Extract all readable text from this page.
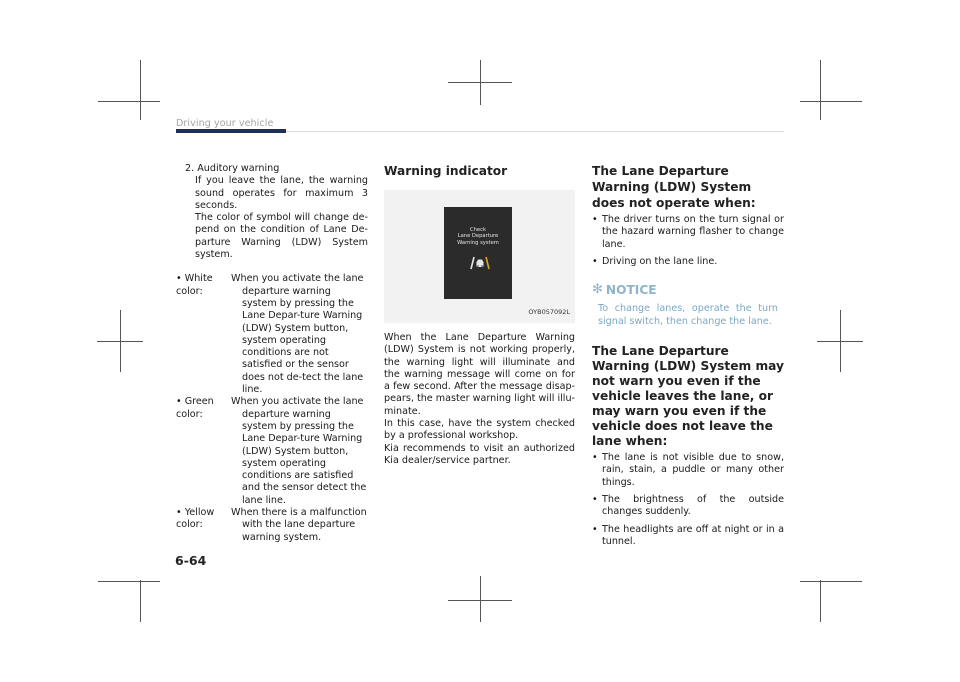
Driving your vehicle
2. Auditory warning
If you leave the lane, the warning sound operates for maximum 3 seconds.
The color of symbol will change de-pend on the condition of Lane De-parture Warning (LDW) System system.
• White
color:
When you activate the lane
departure warning system by pressing the Lane Depar-ture Warning (LDW) System button, system operating conditions are not satisfied or the sensor does not de-tect the lane line.
• Green
color:
When you activate the lane
departure warning system by pressing the Lane Depar-ture Warning (LDW) System button, system operating conditions are satisfied and the sensor detect the lane line.
• Yellow
color:
When there is a malfunction
with the lane departure warning system.
Warning indicator
Check
Lane Departure
Warning system
OYB057092L
When the Lane Departure Warning (LDW) System is not working properly, the warning light will illuminate and the warning message will come on for a few second. After the message disap-pears, the master warning light will illu-minate.
In this case, have the system checked by a professional workshop.
Kia recommends to visit an authorized Kia dealer/service partner.
The Lane Departure Warning (LDW) System does not operate when:
• The driver turns on the turn signal or the hazard warning flasher to change lane.
• Driving on the lane line.
✻ NOTICE
To change lanes, operate the turn signal switch, then change the lane.
The Lane Departure Warning (LDW) System may not warn you even if the vehicle leaves the lane, or may warn you even if the vehicle does not leave the lane when:
• The lane is not visible due to snow, rain, stain, a puddle or many other things.
• The brightness of the outside changes suddenly.
• The headlights are off at night or in a tunnel.
6-64
